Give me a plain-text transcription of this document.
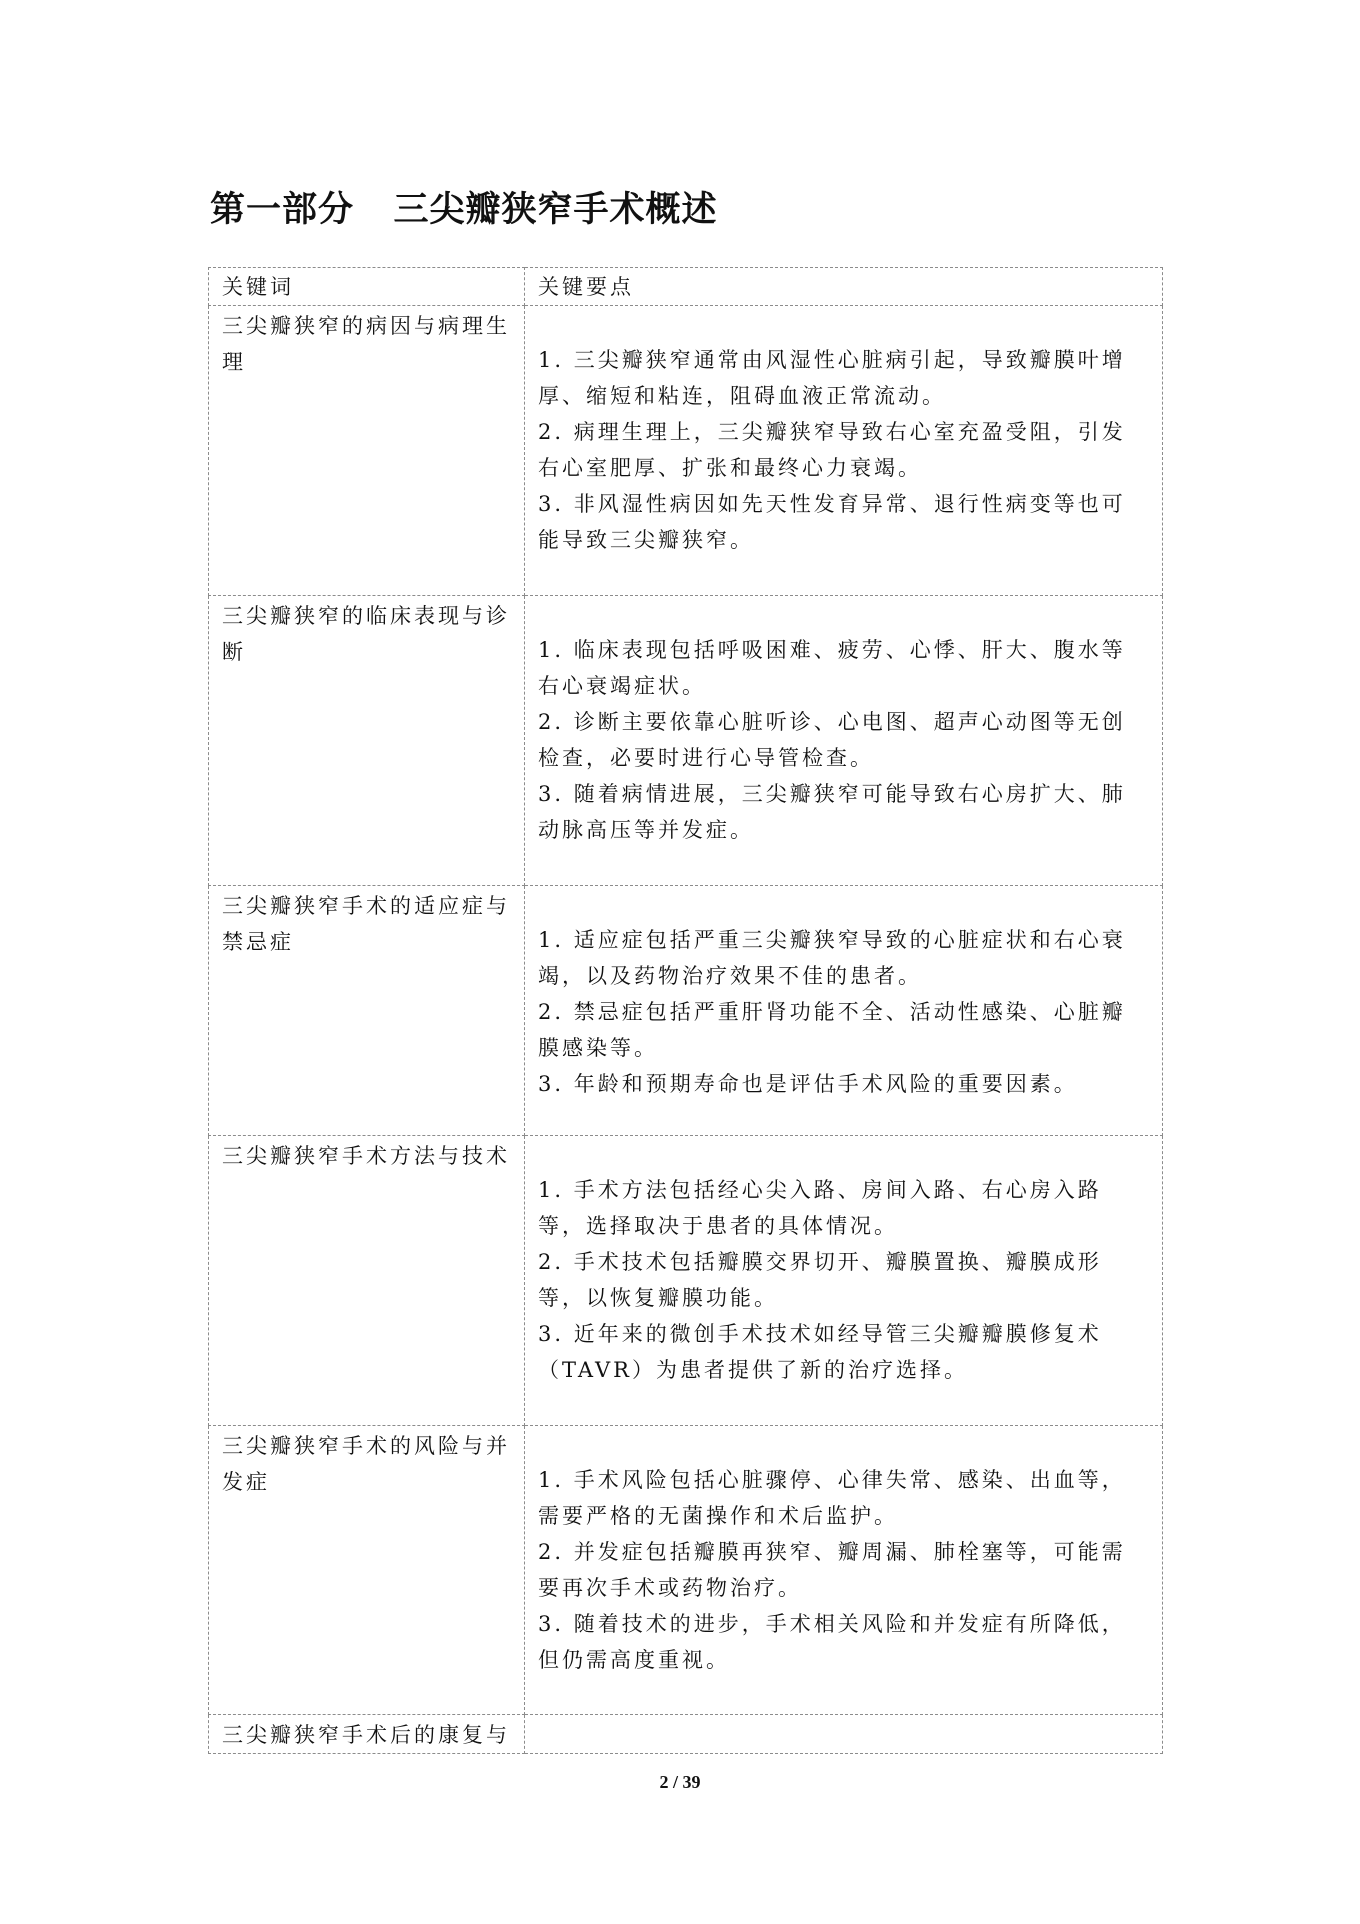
第一部分   三尖瓣狭窄手术概述
关键词	关键要点
三尖瓣狭窄的病因与病理生理	1. 三尖瓣狭窄通常由风湿性心脏病引起，导致瓣膜叶增厚、缩短和粘连，阻碍血液正常流动。

2. 病理生理上，三尖瓣狭窄导致右心室充盈受阻，引发右心室肥厚、扩张和最终心力衰竭。

3. 非风湿性病因如先天性发育异常、退行性病变等也可能导致三尖瓣狭窄。

三尖瓣狭窄的临床表现与诊断	1. 临床表现包括呼吸困难、疲劳、心悸、肝大、腹水等右心衰竭症状。

2. 诊断主要依靠心脏听诊、心电图、超声心动图等无创检查，必要时进行心导管检查。

3. 随着病情进展，三尖瓣狭窄可能导致右心房扩大、肺动脉高压等并发症。

三尖瓣狭窄手术的适应症与禁忌症	1. 适应症包括严重三尖瓣狭窄导致的心脏症状和右心衰竭，以及药物治疗效果不佳的患者。

2. 禁忌症包括严重肝肾功能不全、活动性感染、心脏瓣膜感染等。

3. 年龄和预期寿命也是评估手术风险的重要因素。

三尖瓣狭窄手术方法与技术	1. 手术方法包括经心尖入路、房间入路、右心房入路等，选择取决于患者的具体情况。

2. 手术技术包括瓣膜交界切开、瓣膜置换、瓣膜成形等，以恢复瓣膜功能。

3. 近年来的微创手术技术如经导管三尖瓣瓣膜修复术（TAVR）为患者提供了新的治疗选择。

三尖瓣狭窄手术的风险与并发症	1. 手术风险包括心脏骤停、心律失常、感染、出血等，需要严格的无菌操作和术后监护。

2. 并发症包括瓣膜再狭窄、瓣周漏、肺栓塞等，可能需要再次手术或药物治疗。

3. 随着技术的进步，手术相关风险和并发症有所降低，但仍需高度重视。

三尖瓣狭窄手术后的康复与	
2 / 39
